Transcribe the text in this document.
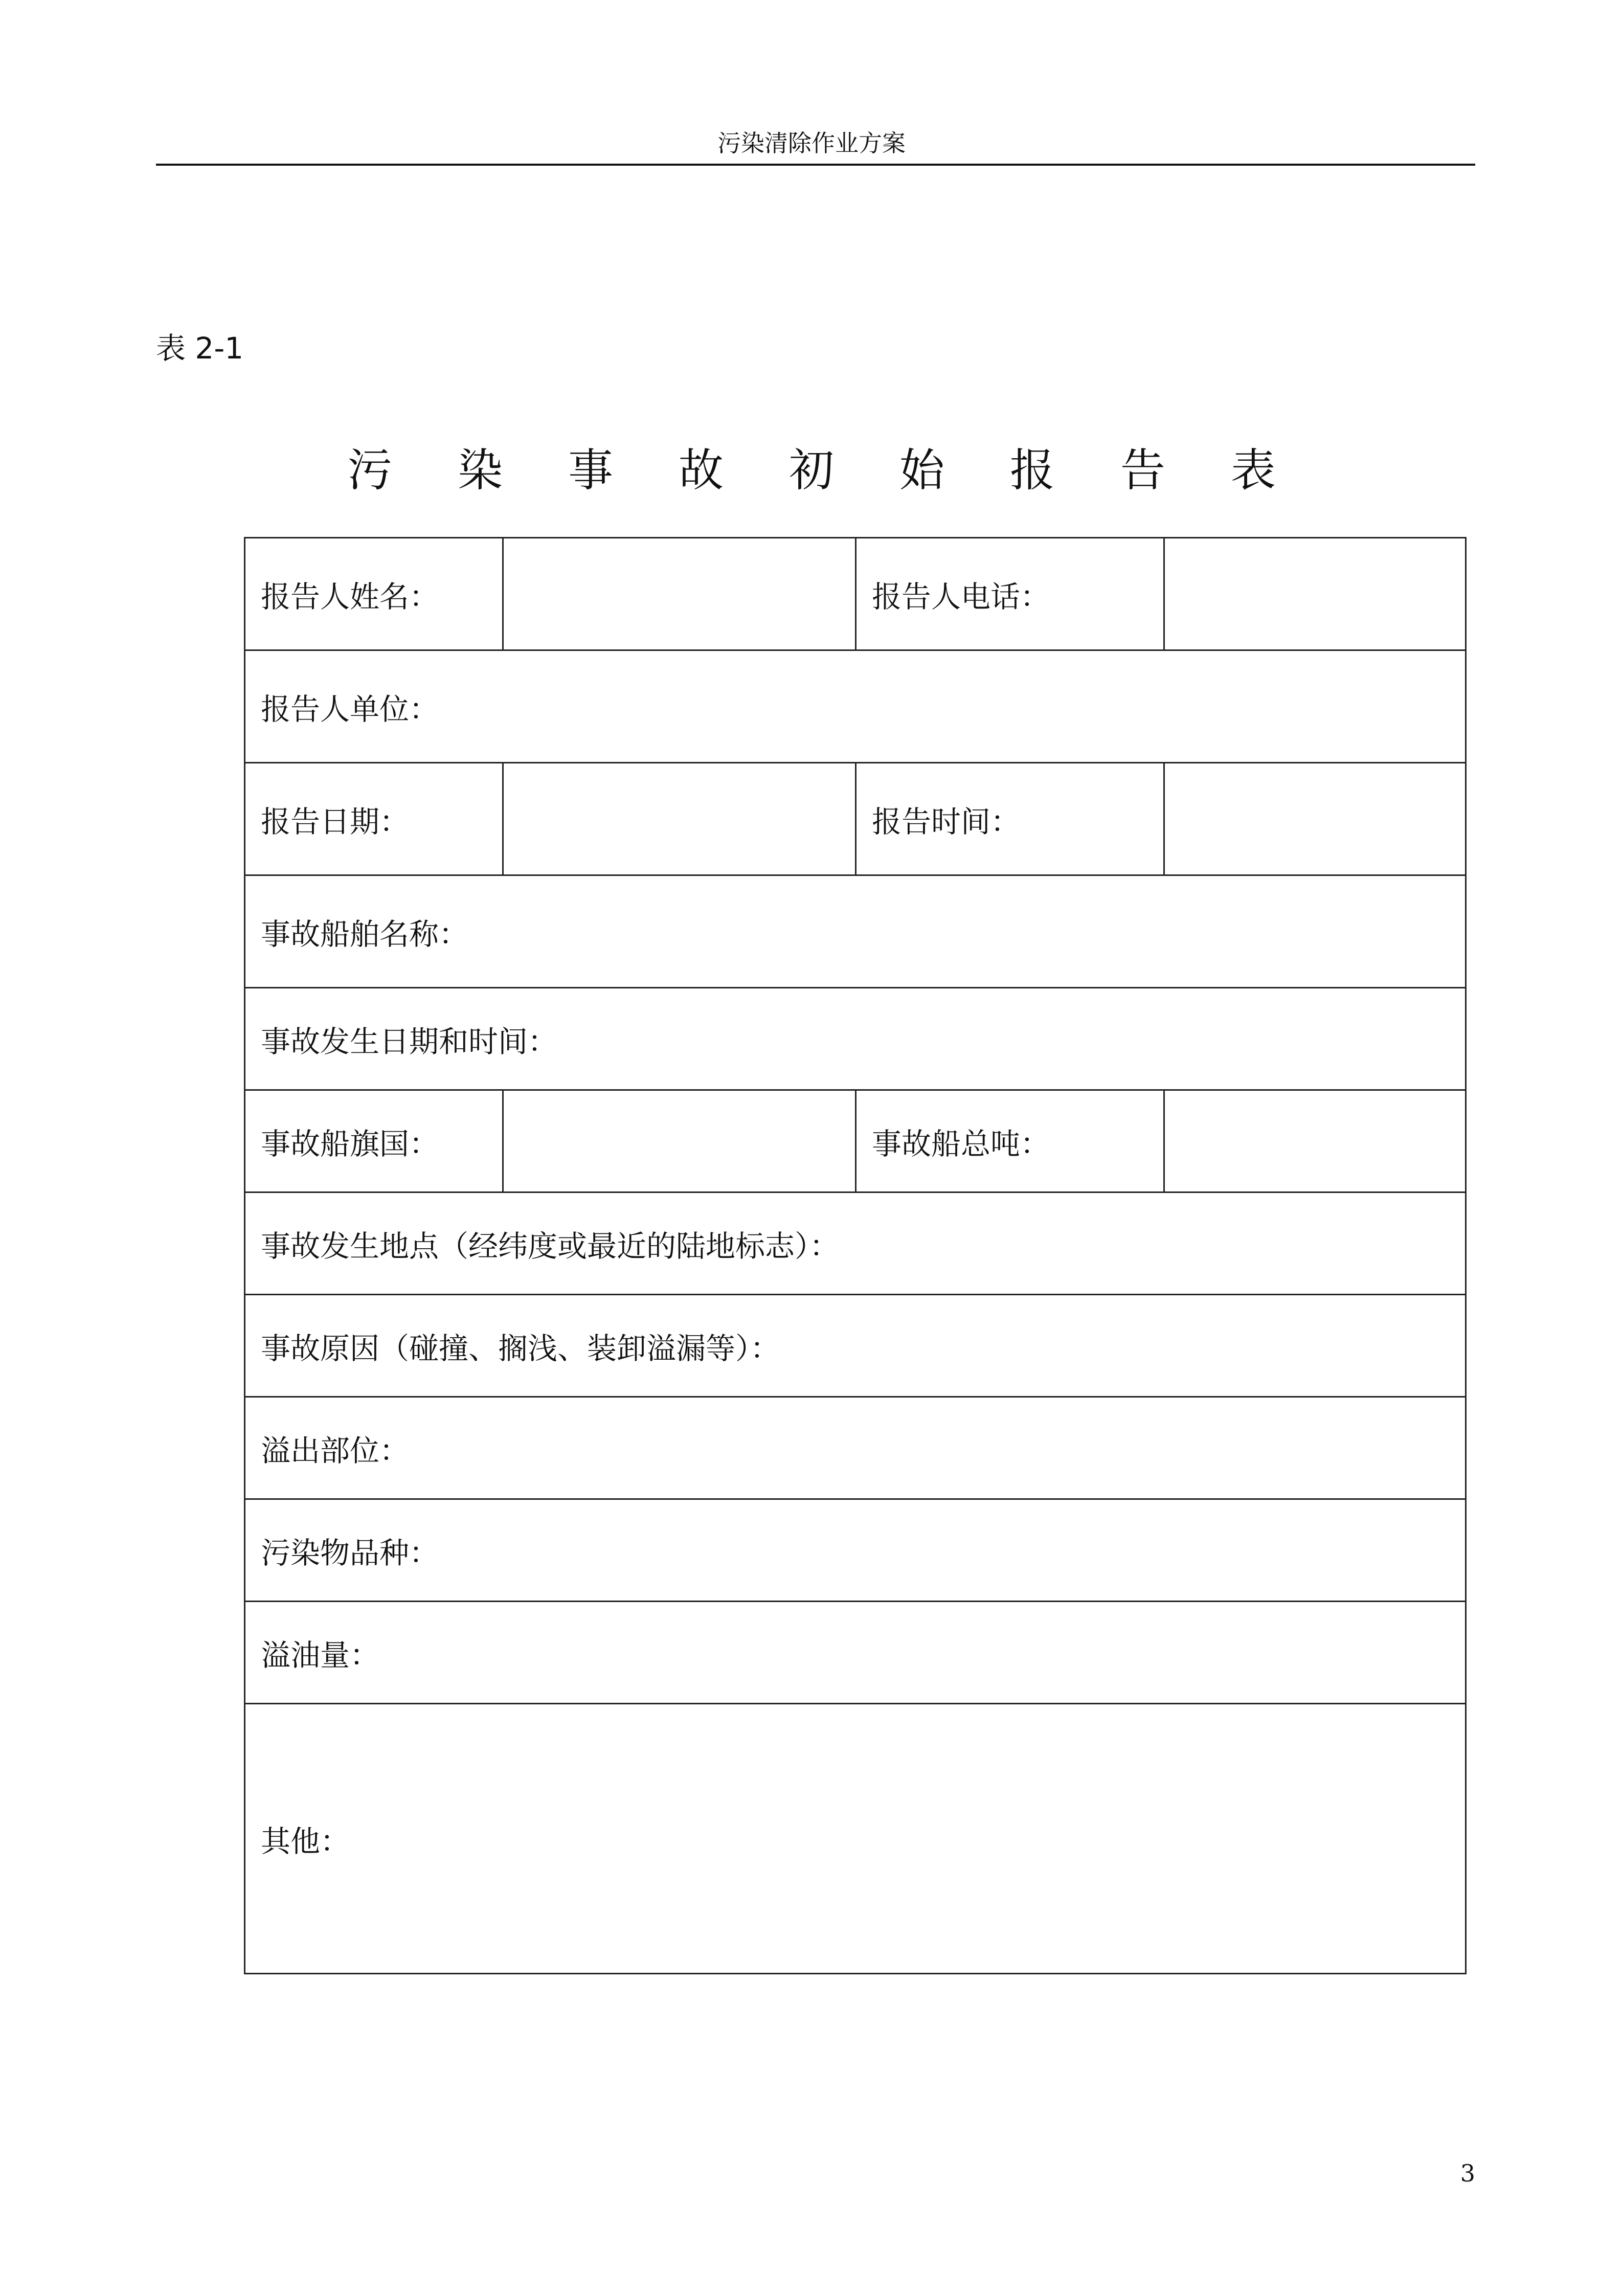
污染清除作业方案
表 2-1
污 染 事 故 初 始 报 告 表
报告人姓名：		报告人电话：	
报告人单位：			
报告日期：		报告时间：	
事故船舶名称：			
事故发生日期和时间：			
事故船旗国：		事故船总吨：	
事故发生地点（经纬度或最近的陆地标志）：			
事故原因（碰撞、搁浅、装卸溢漏等）：			
溢出部位：			
污染物品种：			
溢油量：			
其他：			
3
